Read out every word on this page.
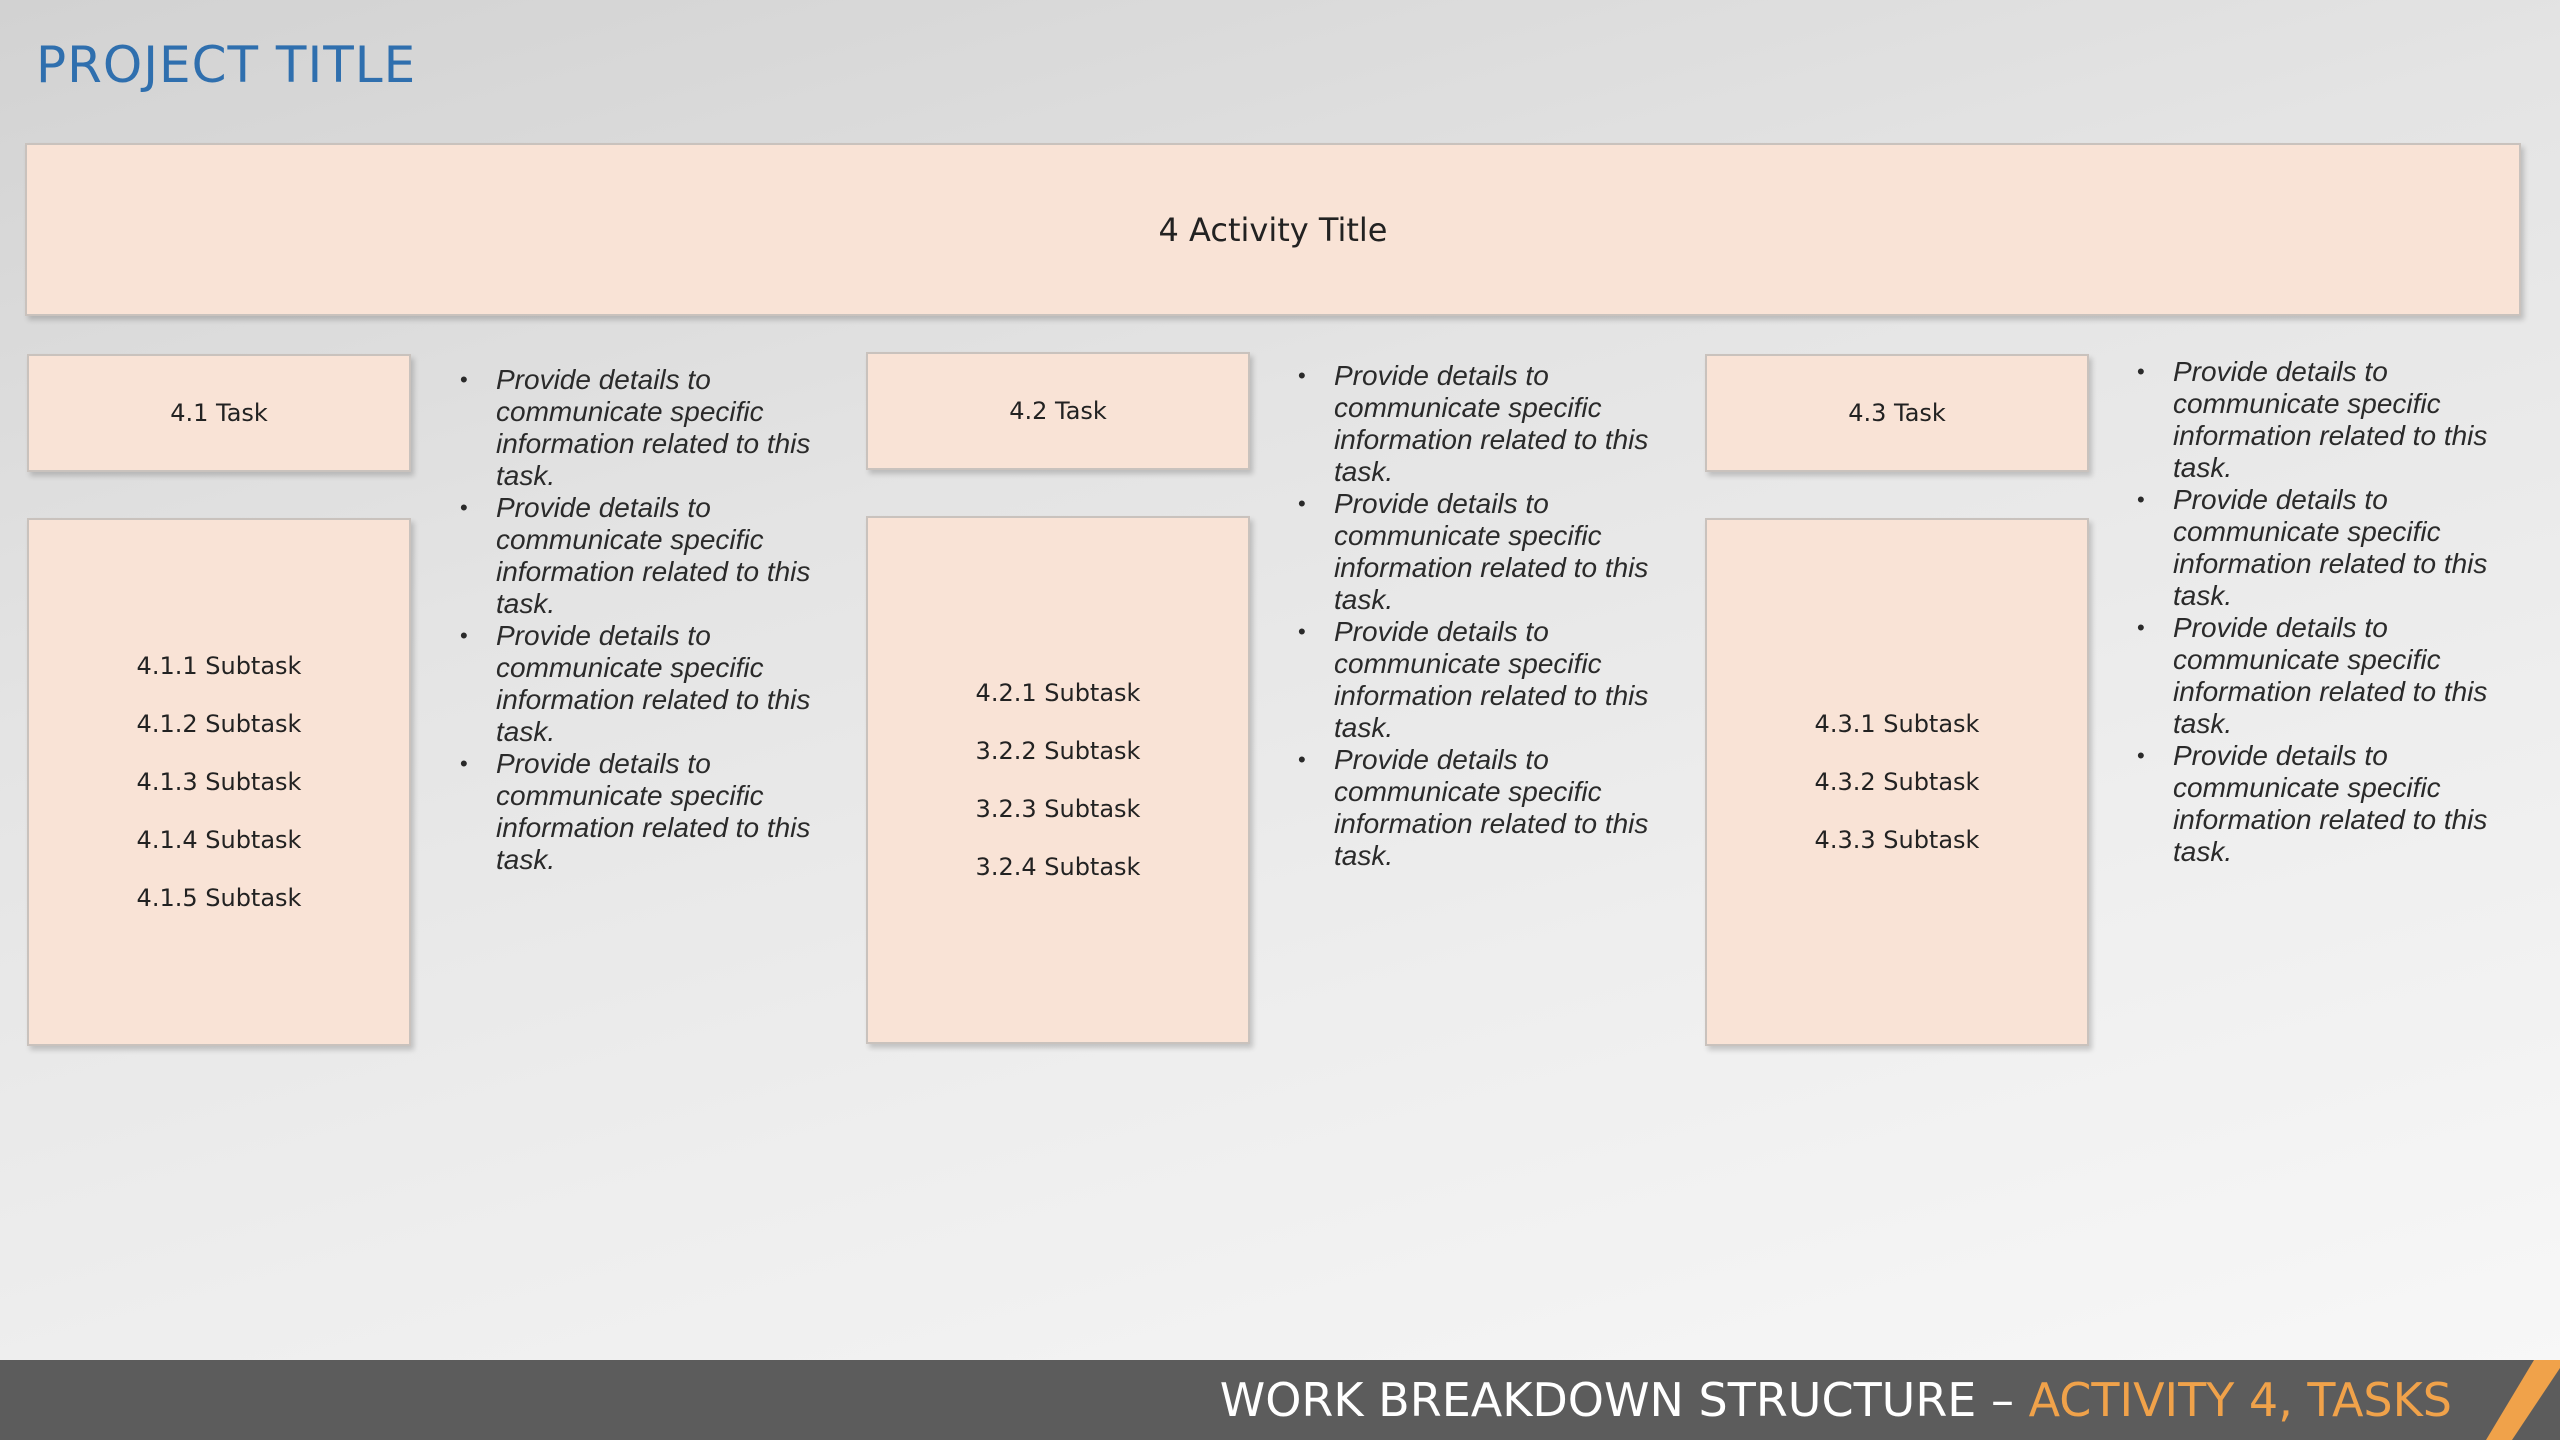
PROJECT TITLE
4 Activity Title
4.1 Task
4.1.1 Subtask
4.1.2 Subtask
4.1.3 Subtask
4.1.4 Subtask
4.1.5 Subtask
• Provide details to communicate specific information related to this task.
• Provide details to communicate specific information related to this task.
• Provide details to communicate specific information related to this task.
• Provide details to communicate specific information related to this task.
4.2 Task
4.2.1 Subtask
3.2.2 Subtask
3.2.3 Subtask
3.2.4 Subtask
• Provide details to communicate specific information related to this task.
• Provide details to communicate specific information related to this task.
• Provide details to communicate specific information related to this task.
• Provide details to communicate specific information related to this task.
4.3 Task
4.3.1 Subtask
4.3.2 Subtask
4.3.3 Subtask
• Provide details to communicate specific information related to this task.
• Provide details to communicate specific information related to this task.
• Provide details to communicate specific information related to this task.
• Provide details to communicate specific information related to this task.
WORK BREAKDOWN STRUCTURE – ACTIVITY 4, TASKS
